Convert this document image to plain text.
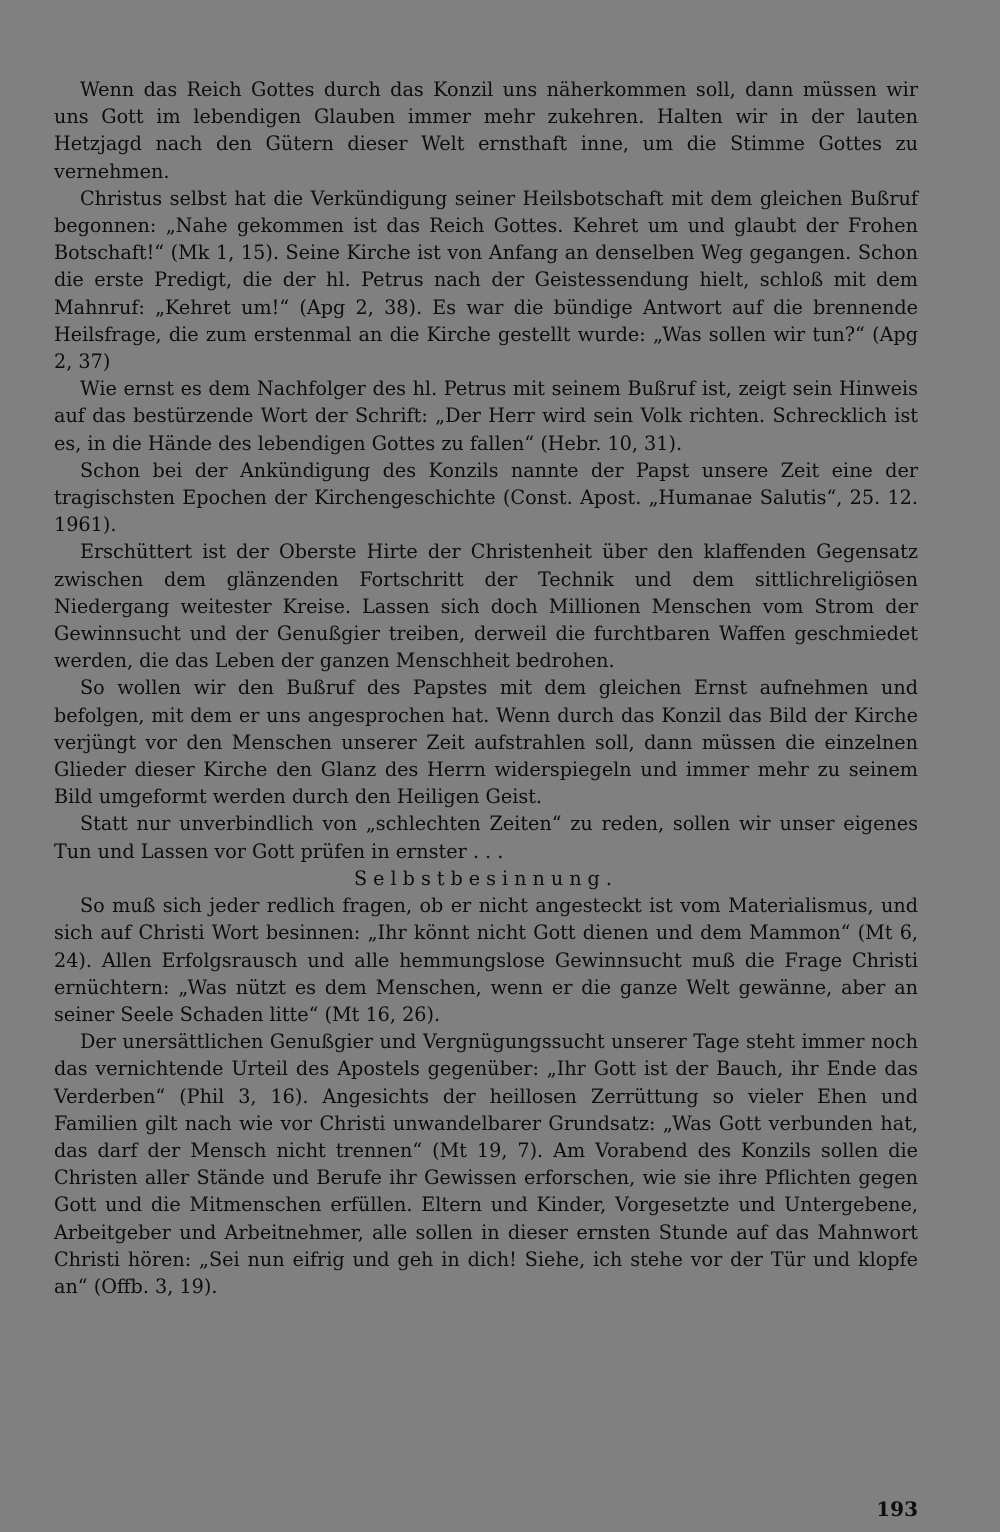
Wenn das Reich Gottes durch das Konzil uns näherkommen soll, dann müssen wir uns Gott im lebendigen Glauben immer mehr zukehren. Halten wir in der lauten Hetzjagd nach den Gütern dieser Welt ernsthaft inne, um die Stimme Gottes zu vernehmen.

Christus selbst hat die Verkündigung seiner Heilsbotschaft mit dem gleichen Bußruf begonnen: „Nahe gekommen ist das Reich Gottes. Kehret um und glaubt der Frohen Botschaft!“ (Mk 1, 15). Seine Kirche ist von Anfang an denselben Weg gegangen. Schon die erste Predigt, die der hl. Petrus nach der Geistessendung hielt, schloß mit dem Mahnruf: „Kehret um!“ (Apg 2, 38). Es war die bündige Antwort auf die brennende Heilsfrage, die zum erstenmal an die Kirche gestellt wurde: „Was sollen wir tun?“ (Apg 2, 37)

Wie ernst es dem Nachfolger des hl. Petrus mit seinem Bußruf ist, zeigt sein Hinweis auf das bestürzende Wort der Schrift: „Der Herr wird sein Volk richten. Schrecklich ist es, in die Hände des lebendigen Gottes zu fallen“ (Hebr. 10, 31).

Schon bei der Ankündigung des Konzils nannte der Papst unsere Zeit eine der tragischsten Epochen der Kirchengeschichte (Const. Apost. „Humanae Salutis“, 25. 12. 1961).

Erschüttert ist der Oberste Hirte der Christenheit über den klaffenden Gegensatz zwischen dem glänzenden Fortschritt der Technik und dem sittlichreligiösen Niedergang weitester Kreise. Lassen sich doch Millionen Menschen vom Strom der Gewinnsucht und der Genußgier treiben, derweil die furchtbaren Waffen geschmiedet werden, die das Leben der ganzen Menschheit bedrohen.

So wollen wir den Bußruf des Papstes mit dem gleichen Ernst aufnehmen und befolgen, mit dem er uns angesprochen hat. Wenn durch das Konzil das Bild der Kirche verjüngt vor den Menschen unserer Zeit aufstrahlen soll, dann müssen die einzelnen Glieder dieser Kirche den Glanz des Herrn widerspiegeln und immer mehr zu seinem Bild umgeformt werden durch den Heiligen Geist.

Statt nur unverbindlich von „schlechten Zeiten“ zu reden, sollen wir unser eigenes Tun und Lassen vor Gott prüfen in ernster . . .

Selbstbesinnung.

So muß sich jeder redlich fragen, ob er nicht angesteckt ist vom Materialismus, und sich auf Christi Wort besinnen: „Ihr könnt nicht Gott dienen und dem Mammon“ (Mt 6, 24). Allen Erfolgsrausch und alle hemmungslose Gewinnsucht muß die Frage Christi ernüchtern: „Was nützt es dem Menschen, wenn er die ganze Welt gewänne, aber an seiner Seele Schaden litte“ (Mt 16, 26).

Der unersättlichen Genußgier und Vergnügungssucht unserer Tage steht immer noch das vernichtende Urteil des Apostels gegenüber: „Ihr Gott ist der Bauch, ihr Ende das Verderben“ (Phil 3, 16). Angesichts der heillosen Zerrüttung so vieler Ehen und Familien gilt nach wie vor Christi unwandelbarer Grundsatz: „Was Gott verbunden hat, das darf der Mensch nicht trennen“ (Mt 19, 7). Am Vorabend des Konzils sollen die Christen aller Stände und Berufe ihr Gewissen erforschen, wie sie ihre Pflichten gegen Gott und die Mitmenschen erfüllen. Eltern und Kinder, Vorgesetzte und Untergebene, Arbeitgeber und Arbeitnehmer, alle sollen in dieser ernsten Stunde auf das Mahnwort Christi hören: „Sei nun eifrig und geh in dich! Siehe, ich stehe vor der Tür und klopfe an“ (Offb. 3, 19).

193
